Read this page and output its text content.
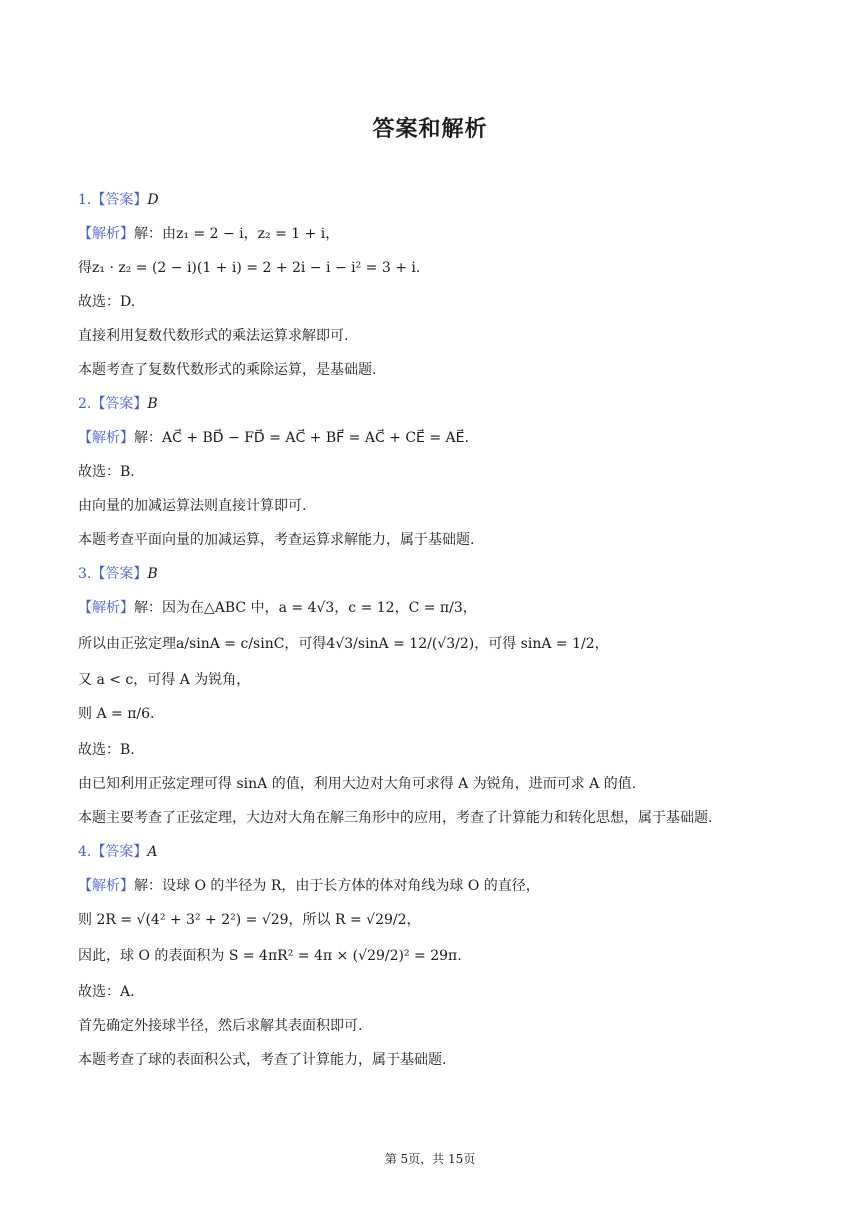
答案和解析
1.【答案】D
【解析】解：由z₁ = 2 − i，z₂ = 1 + i，
得z₁ · z₂ = (2 − i)(1 + i) = 2 + 2i − i − i² = 3 + i.
故选：D.
直接利用复数代数形式的乘法运算求解即可.
本题考查了复数代数形式的乘除运算，是基础题.
2.【答案】B
【解析】解：AC⃗ + BD⃗ − FD⃗ = AC⃗ + BF⃗ = AC⃗ + CE⃗ = AE⃗.
故选：B.
由向量的加减运算法则直接计算即可.
本题考查平面向量的加减运算，考查运算求解能力，属于基础题.
3.【答案】B
【解析】解：因为在△ABC 中，a = 4√3，c = 12，C = π/3，
所以由正弦定理a/sinA = c/sinC，可得4√3/sinA = 12/(√3/2)，可得 sinA = 1/2，
又 a < c，可得 A 为锐角，
则 A = π/6.
故选：B.
由已知利用正弦定理可得 sinA 的值，利用大边对大角可求得 A 为锐角，进而可求 A 的值.
本题主要考查了正弦定理，大边对大角在解三角形中的应用，考查了计算能力和转化思想，属于基础题.
4.【答案】A
【解析】解：设球 O 的半径为 R，由于长方体的体对角线为球 O 的直径，
则 2R = √(4² + 3² + 2²) = √29，所以 R = √29/2，
因此，球 O 的表面积为 S = 4πR² = 4π × (√29/2)² = 29π.
故选：A.
首先确定外接球半径，然后求解其表面积即可.
本题考查了球的表面积公式，考查了计算能力，属于基础题.
第 5页，共 15页
